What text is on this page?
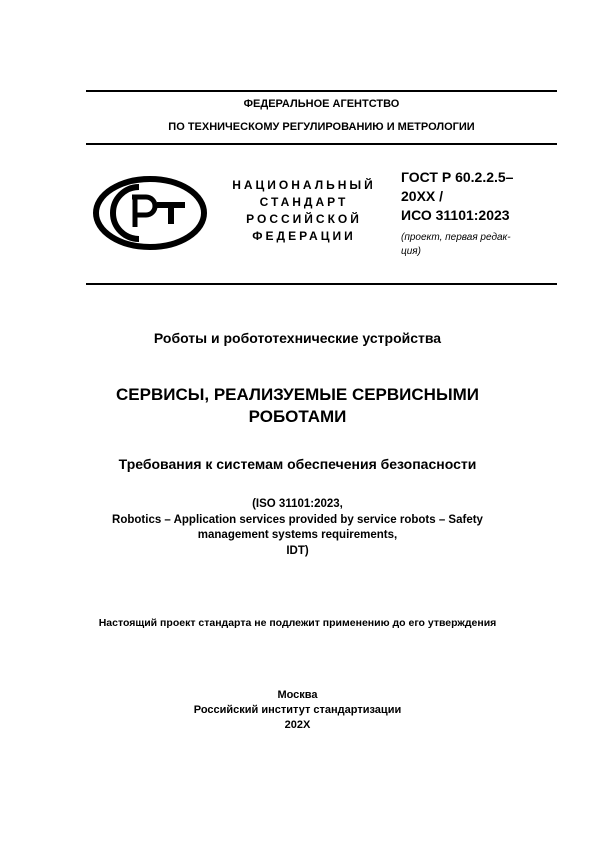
ФЕДЕРАЛЬНОЕ АГЕНТСТВО
ПО ТЕХНИЧЕСКОМУ РЕГУЛИРОВАНИЮ И МЕТРОЛОГИИ
РСТ
НАЦИОНАЛЬНЫЙ
СТАНДАРТ
РОССИЙСКОЙ
ФЕДЕРАЦИИ
ГОСТ Р 60.2.2.5–
20ХХ /
ИСО 31101:2023
(проект, первая редак-
ция)
Роботы и робототехнические устройства
СЕРВИСЫ, РЕАЛИЗУЕМЫЕ СЕРВИСНЫМИ
РОБОТАМИ
Требования к системам обеспечения безопасности
(ISO 31101:2023,
Robotics – Application services provided by service robots – Safety
management systems requirements,
IDT)
Настоящий проект стандарта не подлежит применению до его утверждения
Москва
Российский институт стандартизации
202Х
